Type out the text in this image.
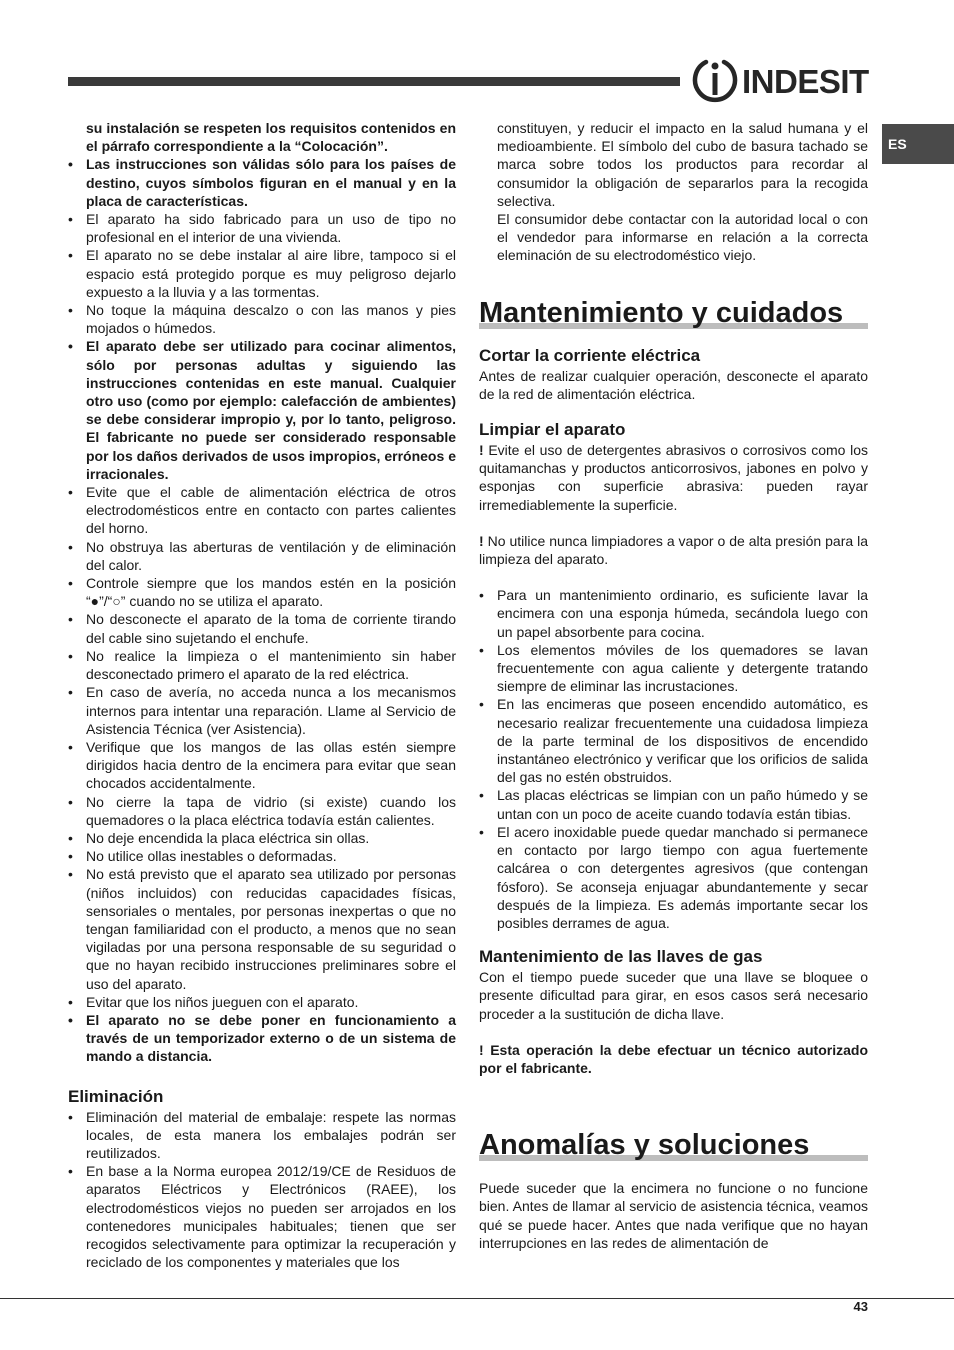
INDESIT
ES

su instalación se respeten los requisitos contenidos en el párrafo correspondiente a la “Colocación”.

• Las instrucciones son válidas sólo para los países de destino, cuyos símbolos figuran en el manual y en la placa de características.
• El aparato ha sido fabricado para un uso de tipo no profesional en el interior de una vivienda.
• El aparato no se debe instalar al aire libre, tampoco si el espacio está protegido porque es muy peligroso dejarlo expuesto a la lluvia y a las tormentas.
• No toque la máquina descalzo o con las manos y pies mojados o húmedos.
• El aparato debe ser utilizado para cocinar alimentos, sólo por personas adultas y siguiendo las instrucciones contenidas en este manual. Cualquier otro uso (como por ejemplo: calefacción de ambientes) se debe considerar impropio y, por lo tanto, peligroso. El fabricante no puede ser considerado responsable por los daños derivados de usos impropios, erróneos e irracionales.
• Evite que el cable de alimentación eléctrica de otros electrodomésticos entre en contacto con partes calientes del horno.
• No obstruya las aberturas de ventilación y de eliminación del calor.
• Controle siempre que los mandos estén en la posición “●”/“○” cuando no se utiliza el aparato.
• No desconecte el aparato de la toma de corriente tirando del cable sino sujetando el enchufe.
• No realice la limpieza o el mantenimiento sin haber desconectado primero el aparato de la red eléctrica.
• En caso de avería, no acceda nunca a los mecanismos internos para intentar una reparación. Llame al Servicio de Asistencia Técnica (ver Asistencia).
• Verifique que los mangos de las ollas estén siempre dirigidos hacia dentro de la encimera para evitar que sean chocados accidentalmente.
• No cierre la tapa de vidrio (si existe) cuando los quemadores o la placa eléctrica todavía están calientes.
• No deje encendida la placa eléctrica sin ollas.
• No utilice ollas inestables o deformadas.
• No está previsto que el aparato sea utilizado por personas (niños incluidos) con reducidas capacidades físicas, sensoriales o mentales, por personas inexpertas o que no tengan familiaridad con el producto, a menos que no sean vigiladas por una persona responsable de su seguridad o que no hayan recibido instrucciones preliminares sobre el uso del aparato.
• Evitar que los niños jueguen con el aparato.
• El aparato no se debe poner en funcionamiento a través de un temporizador externo o de un sistema de mando a distancia.
Eliminación
• Eliminación del material de embalaje: respete las normas locales, de esta manera los embalajes podrán ser reutilizados.
• En base a la Norma europea 2012/19/CE de Residuos de aparatos Eléctricos y Electrónicos (RAEE), los electrodomésticos viejos no pueden ser arrojados en los contenedores municipales habituales; tienen que ser recogidos selectivamente para optimizar la recuperación y reciclado de los componentes y materiales que los

constituyen, y reducir el impacto en la salud humana y el medioambiente. El símbolo del cubo de basura tachado se marca sobre todos los productos para recordar al consumidor la obligación de separarlos para la recogida selectiva.

El consumidor debe contactar con la autoridad local o con el vendedor para informarse en relación a la correcta eleminación de su electrodoméstico viejo.

Mantenimiento y cuidados
Cortar la corriente eléctrica

Antes de realizar cualquier operación, desconecte el aparato de la red de alimentación eléctrica.

Limpiar el aparato

! Evite el uso de detergentes abrasivos o corrosivos como los quitamanchas y productos anticorrosivos, jabones en polvo y esponjas con superficie abrasiva: pueden rayar irremediablemente la superficie.

! No utilice nunca limpiadores a vapor o de alta presión para la limpieza del aparato.

• Para un mantenimiento ordinario, es suficiente lavar la encimera con una esponja húmeda, secándola luego con un papel absorbente para cocina.
• Los elementos móviles de los quemadores se lavan frecuentemente con agua caliente y detergente tratando siempre de eliminar las incrustaciones.
• En las encimeras que poseen encendido automático, es necesario realizar frecuentemente una cuidadosa limpieza de la parte terminal de los dispositivos de encendido instantáneo electrónico y verificar que los orificios de salida del gas no estén obstruidos.
• Las placas eléctricas se limpian con un paño húmedo y se untan con un poco de aceite cuando todavía están tibias.
• El acero inoxidable puede quedar manchado si permanece en contacto por largo tiempo con agua fuertemente calcárea o con detergentes agresivos (que contengan fósforo). Se aconseja enjuagar abundantemente y secar después de la limpieza. Es además importante secar los posibles derrames de agua.
Mantenimiento de las llaves de gas

Con el tiempo puede suceder que una llave se bloquee o presente dificultad para girar, en esos casos será necesario proceder a la sustitución de dicha llave.

! Esta operación la debe efectuar un técnico autorizado por el fabricante.

Anomalías y soluciones

Puede suceder que la encimera no funcione o no funcione bien. Antes de llamar al servicio de asistencia técnica, veamos qué se puede hacer. Antes que nada verifique que no hayan interrupciones en las redes de alimentación de

43
